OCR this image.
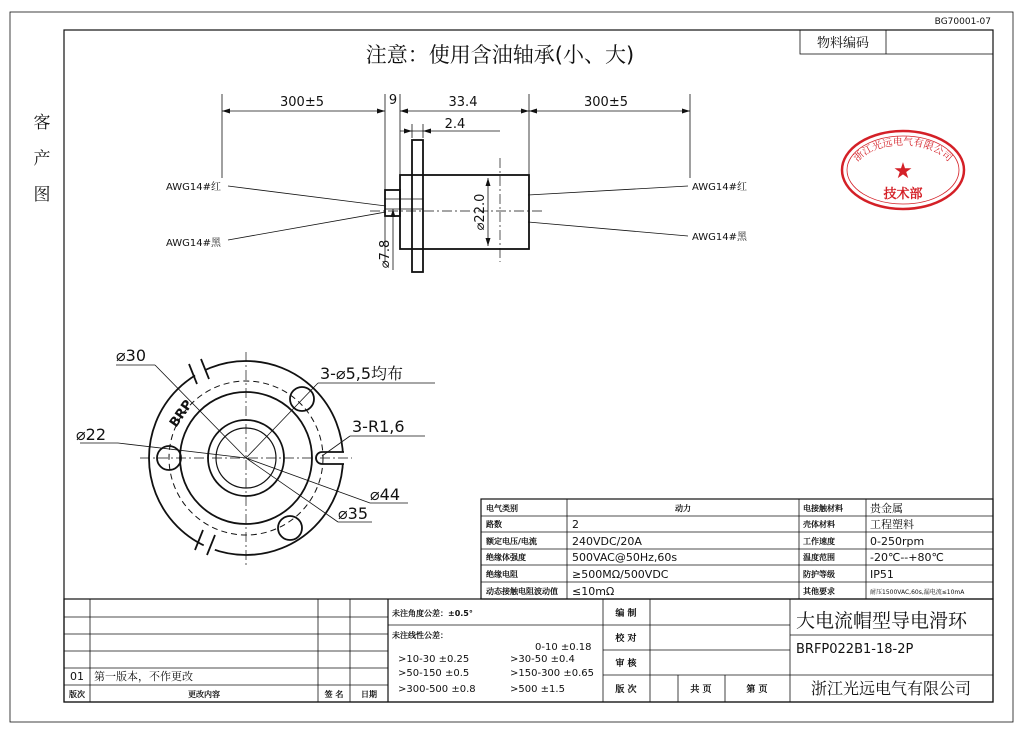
BG70001-07
物料编码
客
产
图
注意：使用含油轴承(小、大)
300±5	9	33.4	300±5
2.4
⌀22.0
⌀7.8
AWG14#红
AWG14#黑
AWG14#红
AWG14#黑
浙江光远电气有限公司
★
技术部
BRP
⌀30
⌀22
3-⌀5,5均布
3-R1,6
⌀44
⌀35	电气类别	动力	电接触材料 贵金属
路数	2	壳体材料	工程塑料
额定电压/电流	240VDC/20A	工作速度	0-250rpm
绝缘体强度	500VAC@50Hz,60s	温度范围	-20℃--+80℃
绝缘电阻	≥500MΩ/500VDC	防护等级	IP51
动态接触电阻波动值 ≤10mΩ	其他要求	耐压1500VAC,60s,漏电流≤10mA
01 第一版本，不作更改
版次	更改内容	签 名 日期
未注角度公差：±0.5°
未注线性公差：
0-10 ±0.18
>10-30 ±0.25	>30-50 ±0.4
>50-150 ±0.5	>150-300 ±0.65
>300-500 ±0.8	>500 ±1.5
编 制
校 对
审 核
版 次	共 页	第 页
大电流帽型导电滑环
BRFP022B1-18-2P
浙江光远电气有限公司
